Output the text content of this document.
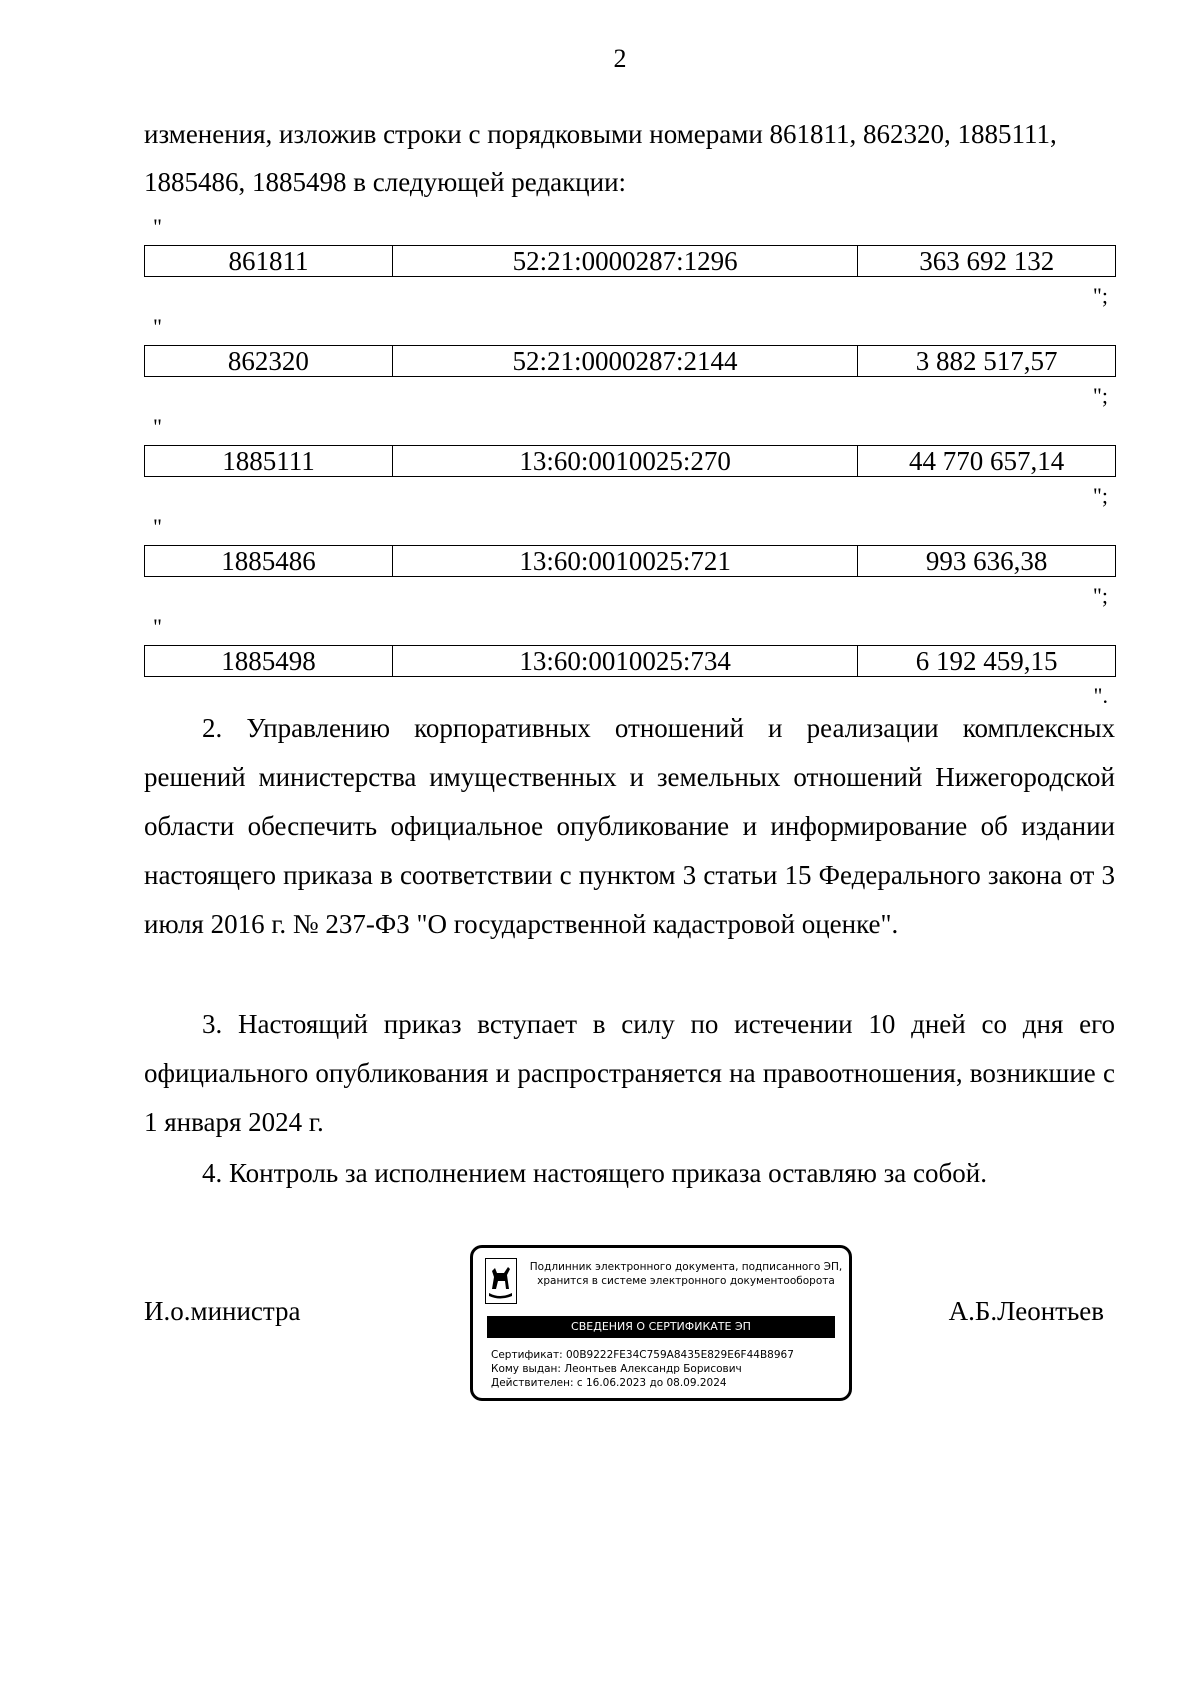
2
изменения, изложив строки с порядковыми номерами 861811, 862320, 1885111, 1885486, 1885498 в следующей редакции:
"
861811	52:21:0000287:1296	363 692 132
";
"
862320	52:21:0000287:2144	3 882 517,57
";
"
1885111	13:60:0010025:270	44 770 657,14
";
"
1885486	13:60:0010025:721	993 636,38
";
"
1885498	13:60:0010025:734	6 192 459,15
".

2. Управлению корпоративных отношений и реализации комплексных решений министерства имущественных и земельных отношений Нижегородской области обеспечить официальное опубликование и информирование об издании настоящего приказа в соответствии с пунктом 3 статьи 15 Федерального закона от 3 июля 2016 г. № 237-ФЗ "О государственной кадастровой оценке".

3. Настоящий приказ вступает в силу по истечении 10 дней со дня его официального опубликования и распространяется на правоотношения, возникшие с 1 января 2024 г.

4. Контроль за исполнением настоящего приказа оставляю за собой.

И.о.министра
Подлинник электронного документа, подписанного ЭП,
хранится в системе электронного документооборота
СВЕДЕНИЯ О СЕРТИФИКАТЕ ЭП
Сертификат: 00B9222FE34C759A8435E829E6F44B8967
Кому выдан: Леонтьев Александр Борисович
Действителен: с 16.06.2023 до 08.09.2024
А.Б.Леонтьев
